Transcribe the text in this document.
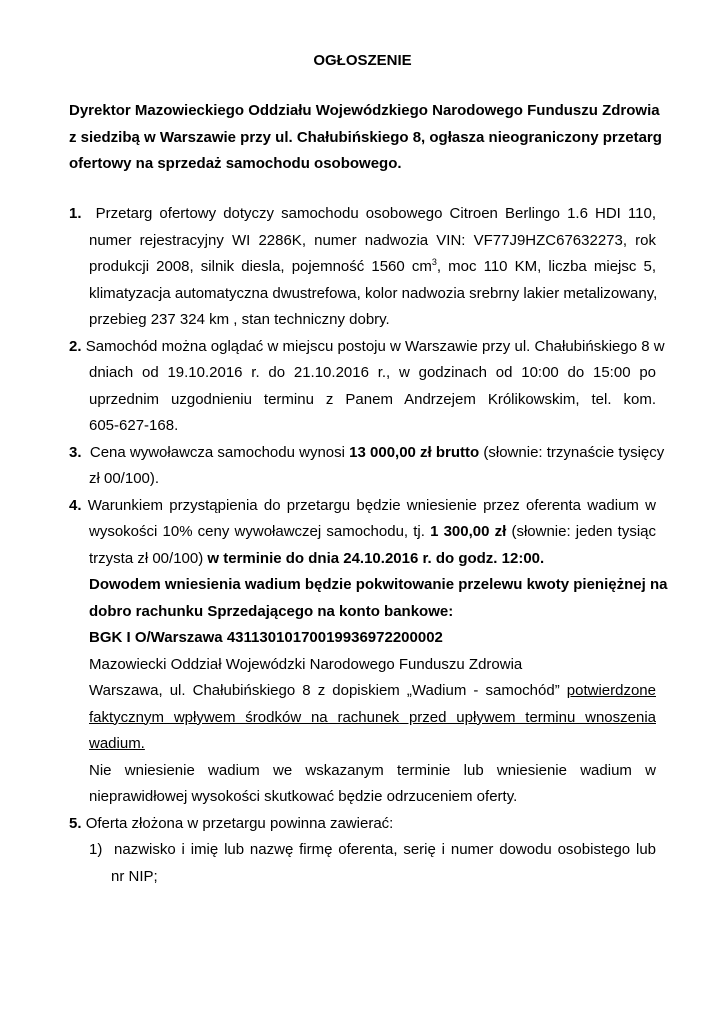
OGŁOSZENIE
Dyrektor Mazowieckiego Oddziału Wojewódzkiego Narodowego Funduszu Zdrowia
z siedzibą w Warszawie przy ul. Chałubińskiego 8, ogłasza nieograniczony przetarg
ofertowy na sprzedaż samochodu osobowego.
1. Przetarg ofertowy dotyczy samochodu osobowego Citroen Berlingo 1.6 HDI 110,
numer rejestracyjny WI 2286K, numer nadwozia VIN: VF77J9HZC67632273, rok
produkcji 2008, silnik diesla, pojemność 1560 $cm^3$, moc 110 KM, liczba miejsc 5,
klimatyzacja automatyczna dwustrefowa, kolor nadwozia srebrny lakier metalizowany,
przebieg 237 324 km , stan techniczny dobry.
2. Samochód można oglądać w miejscu postoju w Warszawie przy ul. Chałubińskiego 8 w
dniach od 19.10.2016 r. do 21.10.2016 r., w godzinach od 10:00 do 15:00 po
uprzednim uzgodnieniu terminu z Panem Andrzejem Królikowskim, tel. kom.
605-627-168.
3. Cena wywoławcza samochodu wynosi 13 000,00 zł brutto (słownie: trzynaście tysięcy
zł 00/100).
4. Warunkiem przystąpienia do przetargu będzie wniesienie przez oferenta wadium w
wysokości 10% ceny wywoławczej samochodu, tj. 1 300,00 zł (słownie: jeden tysiąc
trzysta zł 00/100) w terminie do dnia 24.10.2016 r. do godz. 12:00.
Dowodem wniesienia wadium będzie pokwitowanie przelewu kwoty pieniężnej na
dobro rachunku Sprzedającego na konto bankowe:
BGK I O/Warszawa 43113010170019936972200002
Mazowiecki Oddział Wojewódzki Narodowego Funduszu Zdrowia
Warszawa, ul. Chałubińskiego 8 z dopiskiem „Wadium - samochód” potwierdzone
faktycznym wpływem środków na rachunek przed upływem terminu wnoszenia
wadium.
Nie wniesienie wadium we wskazanym terminie lub wniesienie wadium w
nieprawidłowej wysokości skutkować będzie odrzuceniem oferty.
5. Oferta złożona w przetargu powinna zawierać:
1) nazwisko i imię lub nazwę firmę oferenta, serię i numer dowodu osobistego lub
nr NIP;
